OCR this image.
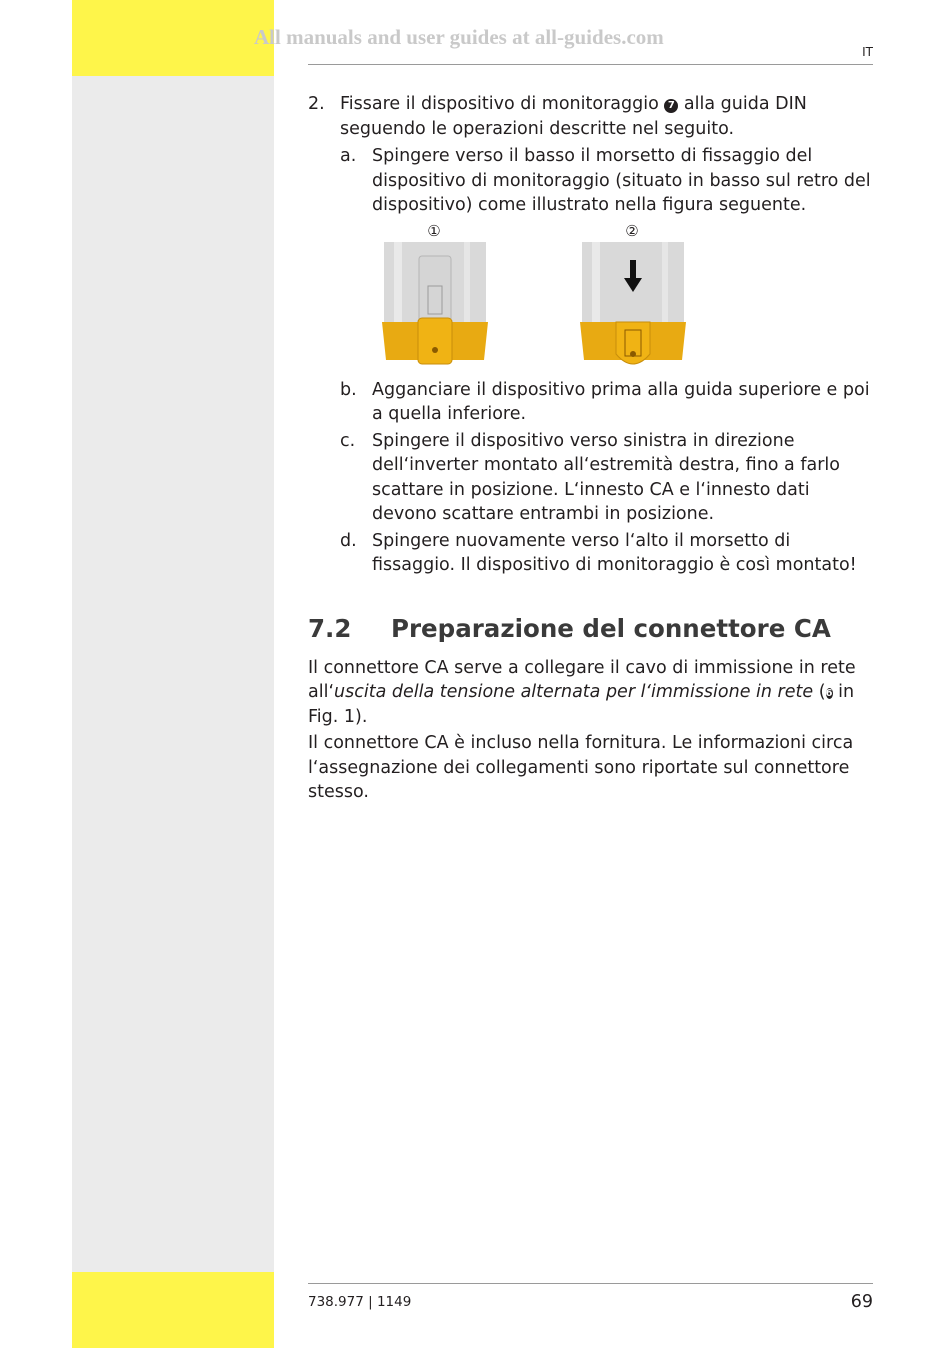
All manuals and user guides at all-guides.com
IT
2. Fissare il dispositivo di monitoraggio 7 alla guida DIN seguendo le operazioni descritte nel seguito.
a. Spingere verso il basso il morsetto di fissaggio del dispositivo di monitoraggio (situato in basso sul retro del dispositivo) come illustrato nella figura seguente.
①	②
b. Agganciare il dispositivo prima alla guida superiore e poi a quella inferiore.
c. Spingere il dispositivo verso sinistra in direzione dell‘inverter montato all‘estremità destra, fino a farlo scattare in posizione. L‘innesto CA e l‘innesto dati devono scattare entrambi in posizione.
d. Spingere nuovamente verso l‘alto il morsetto di fissaggio. Il dispositivo di monitoraggio è così montato!
7.2 Preparazione del connettore CA
Il connettore CA serve a collegare il cavo di immissione in rete all‘uscita della tensione alternata per l‘immissione in rete (6 in Fig. 1).
Il connettore CA è incluso nella fornitura. Le informazioni circa l‘assegnazione dei collegamenti sono riportate sul connettore stesso.
738.977 | 1149	69
